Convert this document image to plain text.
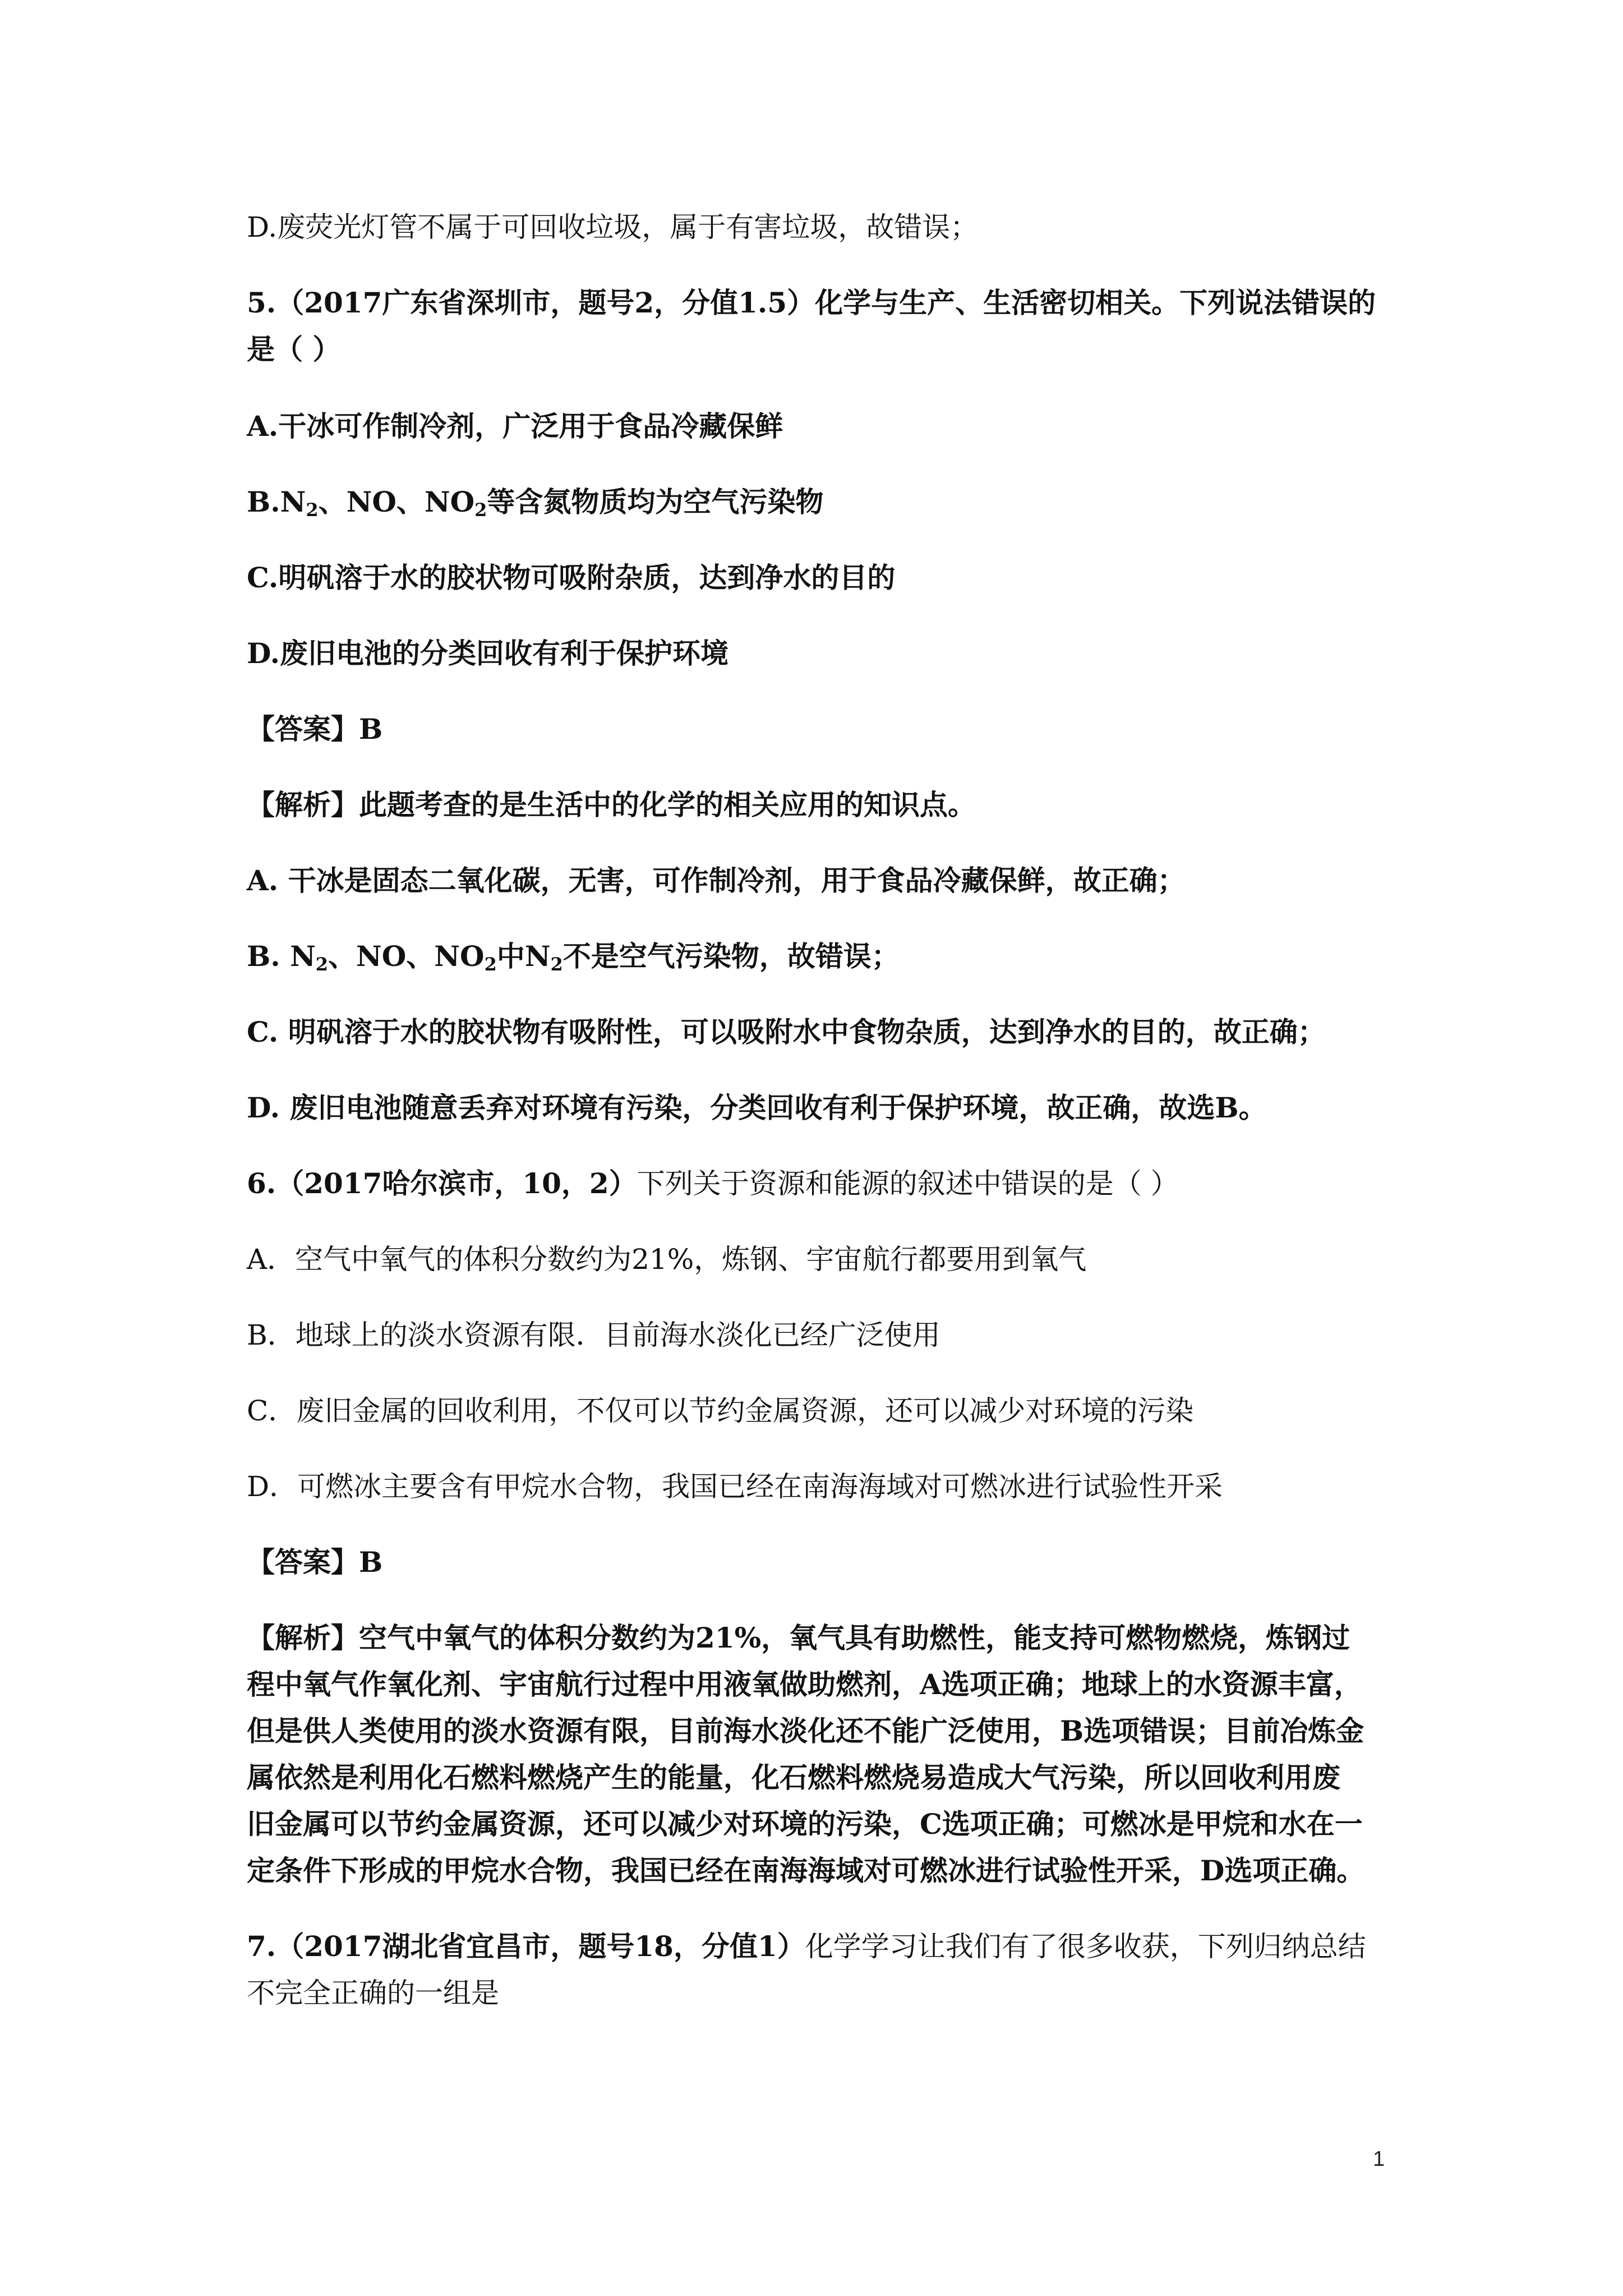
D.废荧光灯管不属于可回收垃圾，属于有害垃圾，故错误；
5.（2017广东省深圳市，题号2，分值1.5）化学与生产、生活密切相关。下列说法错误的
是（ ）
A.干冰可作制冷剂，广泛用于食品冷藏保鲜
$B.N_2$、NO、$NO_2$等含氮物质均为空气污染物
C.明矾溶于水的胶状物可吸附杂质，达到净水的目的
D.废旧电池的分类回收有利于保护环境
【答案】B
【解析】此题考查的是生活中的化学的相关应用的知识点。
A. 干冰是固态二氧化碳，无害，可作制冷剂，用于食品冷藏保鲜，故正确；
B. $N_2$、NO、$NO_2$中$N_2$不是空气污染物，故错误；
C. 明矾溶于水的胶状物有吸附性，可以吸附水中食物杂质，达到净水的目的，故正确；
D. 废旧电池随意丢弃对环境有污染，分类回收有利于保护环境，故正确，故选B。
6.（2017哈尔滨市，10，2）下列关于资源和能源的叙述中错误的是（ ）
A．空气中氧气的体积分数约为21%，炼钢、宇宙航行都要用到氧气
B．地球上的淡水资源有限．目前海水淡化已经广泛使用
C．废旧金属的回收利用，不仅可以节约金属资源，还可以减少对环境的污染
D．可燃冰主要含有甲烷水合物，我国已经在南海海域对可燃冰进行试验性开采
【答案】B
【解析】空气中氧气的体积分数约为21%，氧气具有助燃性，能支持可燃物燃烧，炼钢过
程中氧气作氧化剂、宇宙航行过程中用液氧做助燃剂，A选项正确；地球上的水资源丰富，
但是供人类使用的淡水资源有限，目前海水淡化还不能广泛使用，B选项错误；目前冶炼金
属依然是利用化石燃料燃烧产生的能量，化石燃料燃烧易造成大气污染，所以回收利用废
旧金属可以节约金属资源，还可以减少对环境的污染，C选项正确；可燃冰是甲烷和水在一
定条件下形成的甲烷水合物，我国已经在南海海域对可燃冰进行试验性开采，D选项正确。
7.（2017湖北省宜昌市，题号18，分值1）化学学习让我们有了很多收获，下列归纳总结
不完全正确的一组是
1
